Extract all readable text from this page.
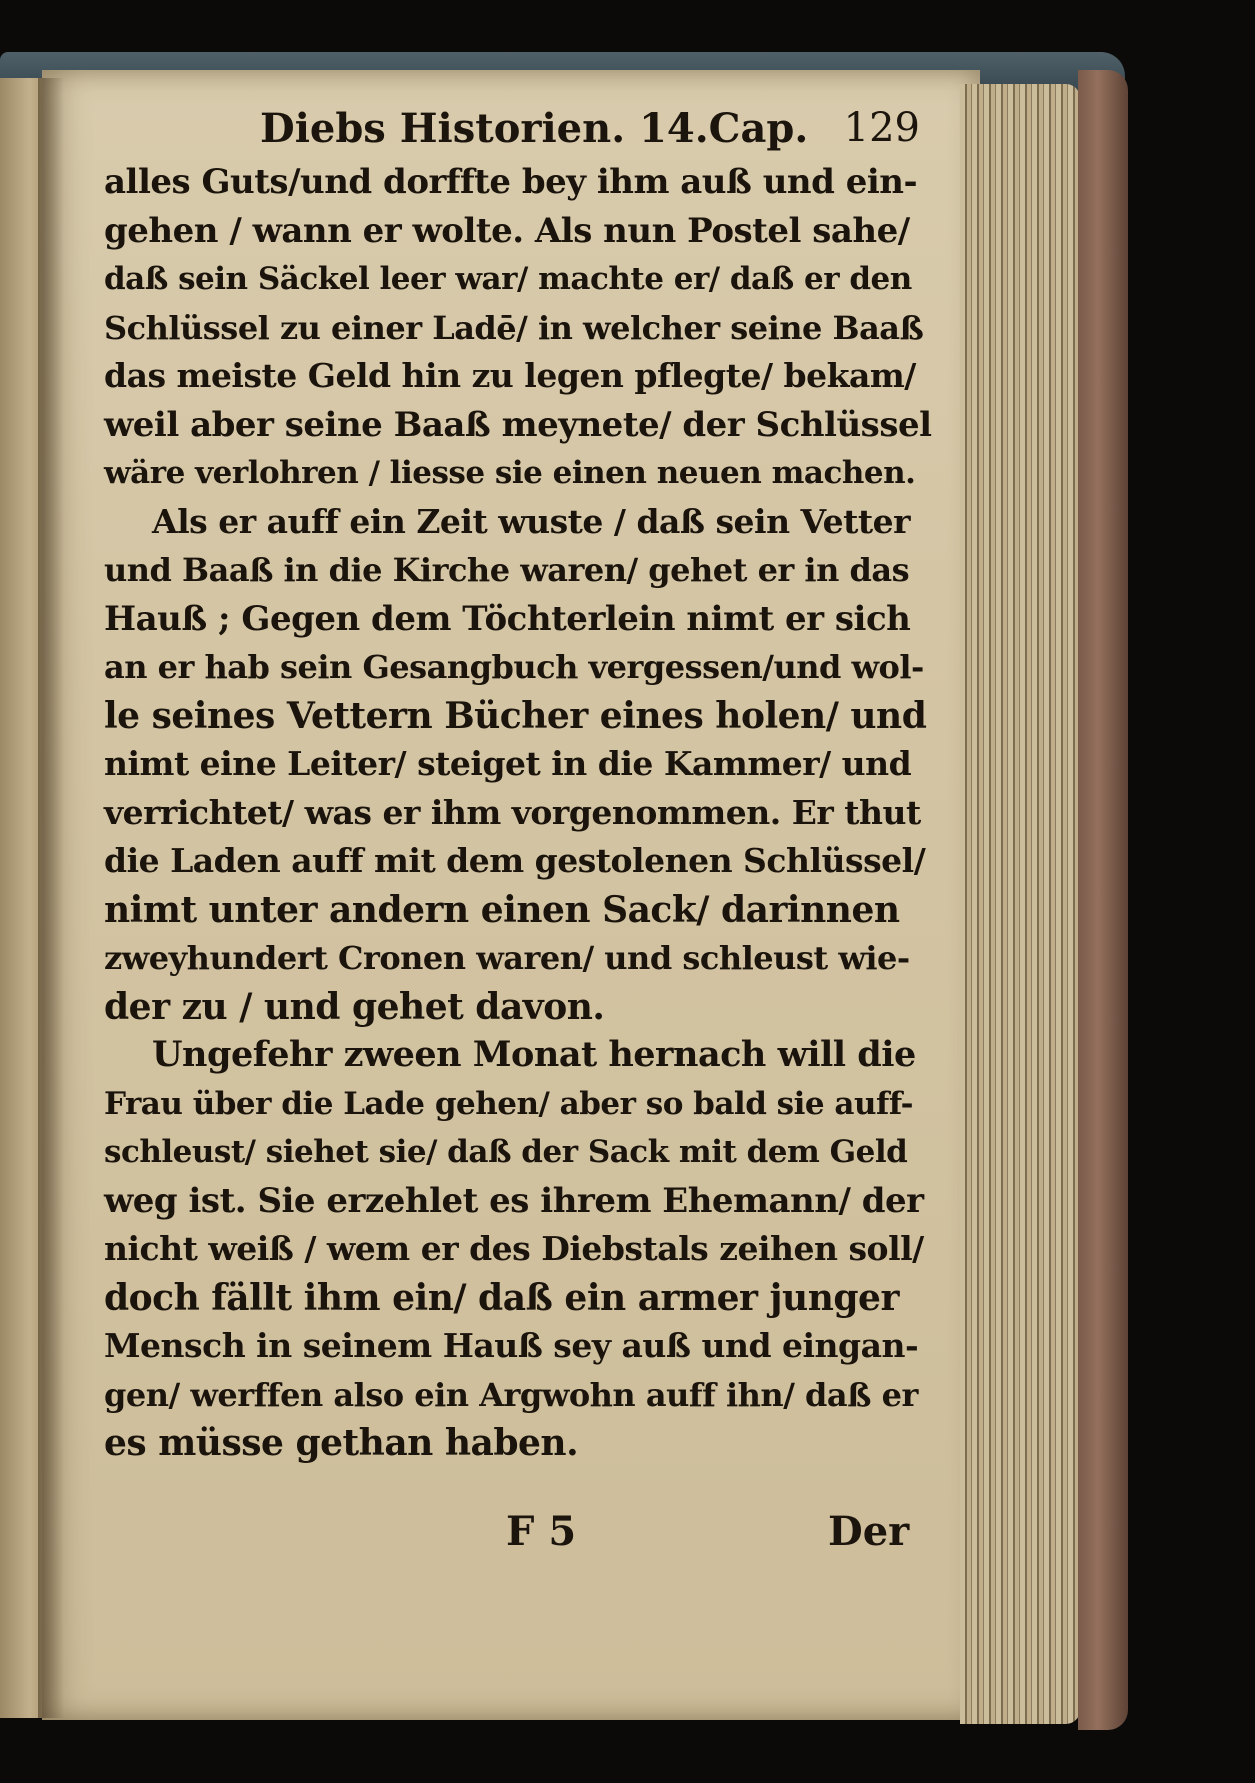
Diebs Historien. 14.Cap. 129
alles Guts/und dorffte bey ihm auß und ein-
gehen / wann er wolte. Als nun Postel sahe/
daß sein Säckel leer war/ machte er/ daß er den
Schlüssel zu einer Ladē/ in welcher seine Baaß
das meiste Geld hin zu legen pflegte/ bekam/
weil aber seine Baaß meynete/ der Schlüssel
wäre verlohren / liesse sie einen neuen machen.
Als er auff ein Zeit wuste / daß sein Vetter
und Baaß in die Kirche waren/ gehet er in das
Hauß ; Gegen dem Töchterlein nimt er sich
an er hab sein Gesangbuch vergessen/und wol-
le seines Vettern Bücher eines holen/ und
nimt eine Leiter/ steiget in die Kammer/ und
verrichtet/ was er ihm vorgenommen. Er thut
die Laden auff mit dem gestolenen Schlüssel/
nimt unter andern einen Sack/ darinnen
zweyhundert Cronen waren/ und schleust wie-
der zu / und gehet davon.
Ungefehr zween Monat hernach will die
Frau über die Lade gehen/ aber so bald sie auff-
schleust/ siehet sie/ daß der Sack mit dem Geld
weg ist. Sie erzehlet es ihrem Ehemann/ der
nicht weiß / wem er des Diebstals zeihen soll/
doch fällt ihm ein/ daß ein armer junger
Mensch in seinem Hauß sey auß und eingan-
gen/ werffen also ein Argwohn auff ihn/ daß er
es müsse gethan haben.
F 5	Der
